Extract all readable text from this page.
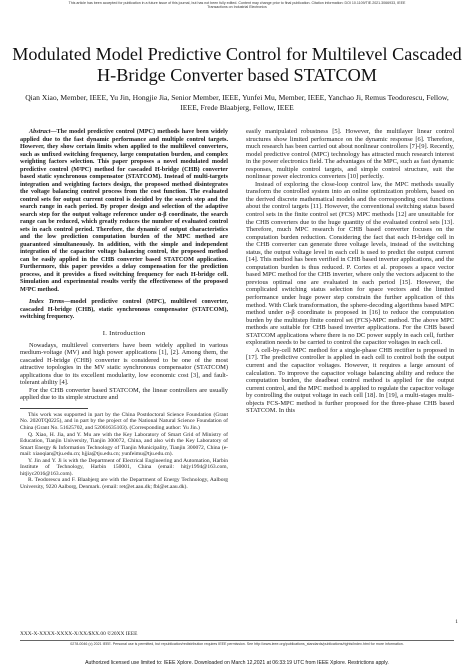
This article has been accepted for publication in a future issue of this journal, but has not been fully edited. Content may change prior to final publication. Citation information: DOI 10.1109/TIE.2021.3066933, IEEE
Transactions on Industrial Electronics
Modulated Model Predictive Control for Multilevel Cascaded H-Bridge Converter based STATCOM
Qian Xiao, Member, IEEE, Yu Jin, Hongjie Jia, Senior Member, IEEE, Yunfei Mu, Member, IEEE, Yanchao Ji, Remus Teodorescu, Fellow, IEEE, Frede Blaabjerg, Fellow, IEEE

Abstract—The model predictive control (MPC) methods have been widely applied due to the fast dynamic performance and multiple control targets. However, they show certain limits when applied to the multilevel converters, such as unfixed switching frequency, large computation burden, and complex weighting factors selection. This paper proposes a novel modulated model predictive control (M²PC) method for cascaded H-bridge (CHB) converter based static synchronous compensator (STATCOM). Instead of multi-targets integration and weighting factors design, the proposed method disintegrates the voltage balancing control process from the cost function. The evaluated control sets for output current control is decided by the search step and the search range in each period. By proper design and selection of the adaptive search step for the output voltage reference under α-β coordinate, the search range can be reduced, which greatly reduces the number of evaluated control sets in each control period. Therefore, the dynamic of output characteristics and the low prediction computation burden of the MPC method are guaranteed simultaneously. In addition, with the simple and independent integration of the capacitor voltage balancing control, the proposed method can be easily applied in the CHB converter based STATCOM application. Furthermore, this paper provides a delay compensation for the prediction process, and it provides a fixed switching frequency for each H-bridge cell. Simulation and experimental results verify the effectiveness of the proposed M²PC method.

Index Terms—model predictive control (MPC), multilevel converter, cascaded H-bridge (CHB), static synchronous compensator (STATCOM), switching frequency.

I. Introduction

Nowadays, multilevel converters have been widely applied in various medium-voltage (MV) and high power applications [1], [2]. Among them, the cascaded H-bridge (CHB) converter is considered to be one of the most attractive topologies in the MV static synchronous compensator (STATCOM) applications due to its excellent modularity, low economic cost [3], and fault-tolerant ability [4].

For the CHB converter based STATCOM, the linear controllers are usually applied due to its simple structure and

This work was supported in part by the China Postdoctoral Science Foundation (Grant No. 2020TQ0225), and in part by the project of the National Natural Science Foundation of China (Grant No. 51625702, and 52061635103). (Corresponding author: Yu Jin.)

Q. Xiao, H. Jia, and Y. Mu are with the Key Laboratory of Smart Grid of Ministry of Education, Tianjin University, Tianjin 300072, China, and also with the Key Laboratory of Smart Energy & Information Technology of Tianjin Municipality, Tianjin 300072, China (e-mail: xiaoqian@tju.edu.cn; hjjia@tju.edu.cn; yunfeimu@tju.edu.cn).

Y. Jin and Y. Ji is with the Department of Electrical Engineering and Automation, Harbin Institute of Technology, Harbin 150001, China (email: hitjy1994@163.com, hitjiyc2016@163.com).

R. Teodorescu and F. Blaabjerg are with the Department of Energy Technology, Aalborg University, 9220 Aalborg, Denmark. (email: ret@et.aau.dk; fbl@et.aau.dk).

easily manipulated robustness [5]. However, the multilayer linear control structures show limited performance on the dynamic response [6]. Therefore, much research has been carried out about nonlinear controllers [7]-[9]. Recently, model predictive control (MPC) technology has attracted much research interest in the power electronics field. The advantages of the MPC, such as fast dynamic responses, multiple control targets, and simple control structure, suit the nonlinear power electronics converters [10] perfectly.

Instead of exploring the close-loop control law, the MPC methods usually transform the controlled system into an online optimization problem, based on the derived discrete mathematical models and the corresponding cost functions about the control targets [11]. However, the conventional switching status based control sets in the finite control set (FCS) MPC methods [12] are unsuitable for the CHB converters due to the huge quantity of the evaluated control sets [13]. Therefore, much MPC research for CHB based converter focuses on the computation burden reduction. Considering the fact that each H-bridge cell in the CHB converter can generate three voltage levels, instead of the switching status, the output voltage level in each cell is used to predict the output current [14]. This method has been verified in CHB based inverter applications, and the computation burden is thus reduced. P. Cortes et al. proposes a space vector based MPC method for the CHB inverter, where only the vectors adjacent to the previous optimal one are evaluated in each period [15]. However, the complicated switching status selection for space vectors and the limited performance under huge power step constrain the further application of this method. With Clark transformation, the sphere-decoding algorithms based MPC method under α-β coordinate is proposed in [16] to reduce the computation burden by the multistep finite control set (FCS)-MPC method. The above MPC methods are suitable for CHB based inverter applications. For the CHB based STATCOM applications where there is no DC power supply in each cell, further exploration needs to be carried to control the capacitor voltages in each cell.

A cell-by-cell MPC method for a single-phase CHB rectifier is proposed in [17]. The predictive controller is applied in each cell to control both the output current and the capacitor voltages. However, it requires a large amount of calculation. To improve the capacitor voltage balancing ability and reduce the computation burden, the deadbeat control method is applied for the output current control, and the MPC method is applied to regulate the capacitor voltage by controlling the output voltage in each cell [18]. In [19], a multi-stages multi-objects FCS-MPC method is further proposed for the three-phase CHB based STATCOM. In this

1
XXX-X-XXXX-XXXX-X/XX/$XX.00 ©20XX IEEE
0278-0046 (c) 2021 IEEE. Personal use is permitted, but republication/redistribution requires IEEE permission. See http://www.ieee.org/publications_standards/publications/rights/index.html for more information.
Authorized licensed use limited to: IEEE Xplore. Downloaded on March 12,2021 at 06:33:19 UTC from IEEE Xplore. Restrictions apply.
